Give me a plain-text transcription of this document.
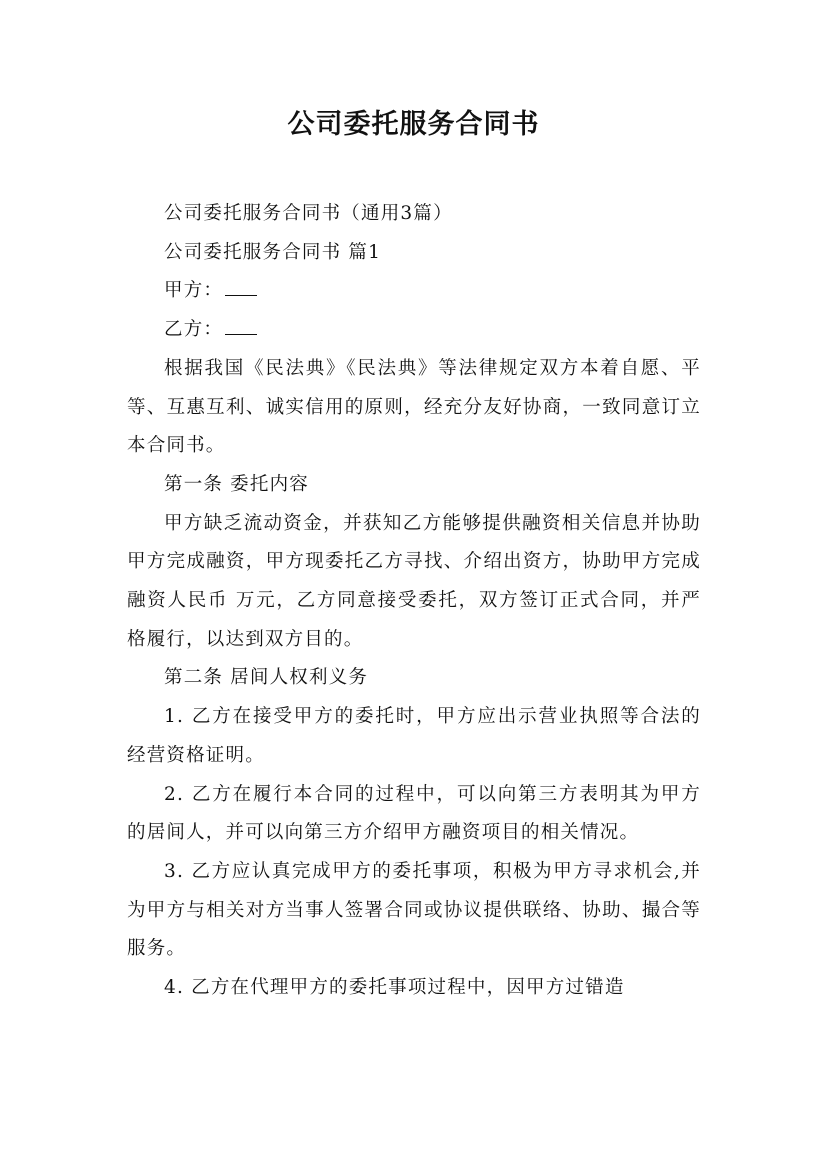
公司委托服务合同书

公司委托服务合同书（通用3篇）

公司委托服务合同书 篇1

甲方：

乙方：

根据我国《民法典》《民法典》等法律规定双方本着自愿、平等、互惠互利、诚实信用的原则，经充分友好协商，一致同意订立本合同书。

第一条 委托内容

甲方缺乏流动资金，并获知乙方能够提供融资相关信息并协助甲方完成融资，甲方现委托乙方寻找、介绍出资方，协助甲方完成融资人民币 万元，乙方同意接受委托，双方签订正式合同，并严格履行，以达到双方目的。

第二条 居间人权利义务

1. 乙方在接受甲方的委托时，甲方应出示营业执照等合法的经营资格证明。

2. 乙方在履行本合同的过程中，可以向第三方表明其为甲方的居间人，并可以向第三方介绍甲方融资项目的相关情况。

3. 乙方应认真完成甲方的委托事项，积极为甲方寻求机会,并为甲方与相关对方当事人签署合同或协议提供联络、协助、撮合等服务。

4. 乙方在代理甲方的委托事项过程中，因甲方过错造
